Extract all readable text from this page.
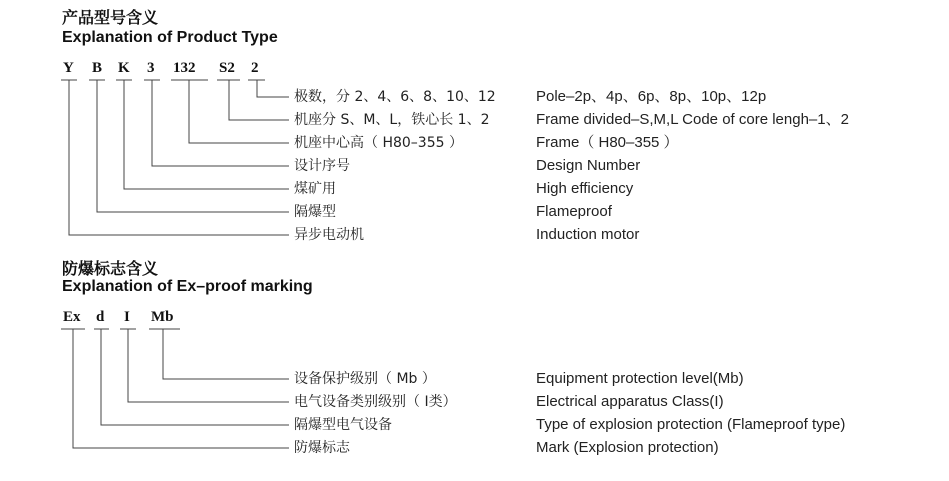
产品型号含义
Explanation of Product Type
Y B K 3 132 S2 2
极数，分 2、4、6、8、10、12
机座分 S、M、L，铁心长 1、2
机座中心高（ H80–355 ）
设计序号
煤矿用
隔爆型
异步电动机
Pole–2p、4p、6p、8p、10p、12p
Frame divided–S,M,L Code of core lengh–1、2
Frame（ H80–355 ）
Design Number
High efficiency
Flameproof
Induction motor
防爆标志含义
Explanation of Ex–proof marking
Ex d I Mb
设备保护级别（ Mb ）
电气设备类别级别（ Ⅰ类）
隔爆型电气设备
防爆标志
Equipment protection level(Mb)
Electrical apparatus Class(I)
Type of explosion protection (Flameproof type)
Mark (Explosion protection)
